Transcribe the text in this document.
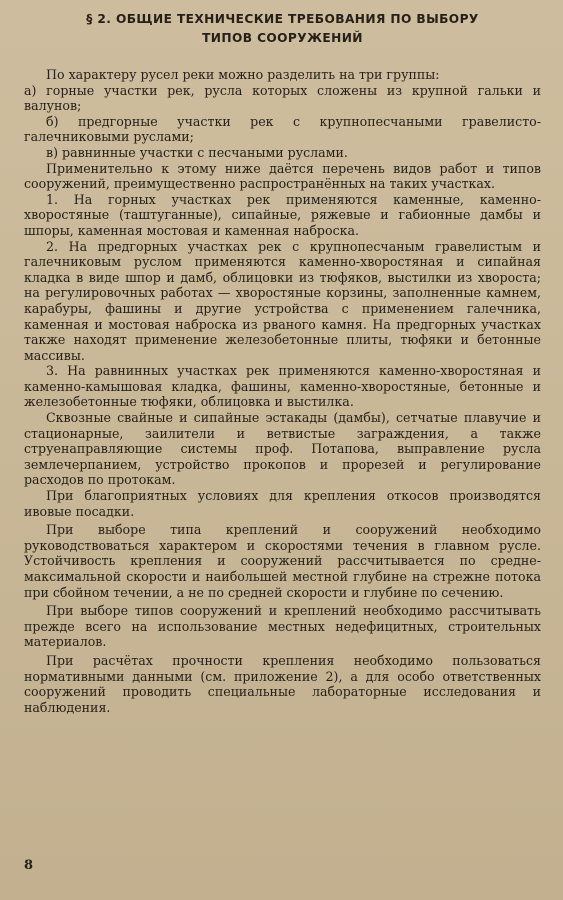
§ 2. ОБЩИЕ ТЕХНИЧЕСКИЕ ТРЕБОВАНИЯ ПО ВЫБОРУ
ТИПОВ СООРУЖЕНИЙ

По характеру русел реки можно разделить на три группы:

а) горные участки рек, русла которых сложены из крупной гальки и валунов;

б) предгорные участки рек с крупнопесчаными гравелисто-галечниковыми руслами;

в) равнинные участки с песчаными руслами.

Применительно к этому ниже даётся перечень видов работ и типов сооружений, преимущественно распространённых на таких участках.

1. На горных участках рек применяются каменные, каменно-хворостяные (таштуганные), сипайные, ряжевые и габионные дамбы и шпоры, каменная мостовая и каменная наброска.

2. На предгорных участках рек с крупнопесчаным гравелистым и галечниковым руслом применяются каменно-хворостяная и сипайная кладка в виде шпор и дамб, облицовки из тюфяков, выстилки из хвороста; на регулировочных работах — хворостяные корзины, заполненные камнем, карабуры, фашины и другие устройства с применением галечника, каменная и мостовая наброска из рваного камня. На предгорных участках также находят применение железобетонные плиты, тюфяки и бетонные массивы.

3. На равнинных участках рек применяются каменно-хворостяная и каменно-камышовая кладка, фашины, каменно-хворостяные, бетонные и железобетонные тюфяки, облицовка и выстилка.

Сквозные свайные и сипайные эстакады (дамбы), сетчатые плавучие и стационарные, заилители и ветвистые заграждения, а также струенаправляющие системы проф. Потапова, выправление русла землечерпанием, устройство прокопов и прорезей и регулирование расходов по протокам.

При благоприятных условиях для крепления откосов производятся ивовые посадки.

При выборе типа креплений и сооружений необходимо руководствоваться характером и скоростями течения в главном русле. Устойчивость крепления и сооружений рассчитывается по средне-максимальной скорости и наибольшей местной глубине на стрежне потока при сбойном течении, а не по средней скорости и глубине по сечению.

При выборе типов сооружений и креплений необходимо рассчитывать прежде всего на использование местных недефицитных, строительных материалов.

При расчётах прочности крепления необходимо пользоваться нормативными данными (см. приложение 2), а для особо ответственных сооружений проводить специальные лабораторные исследования и наблюдения.

8
